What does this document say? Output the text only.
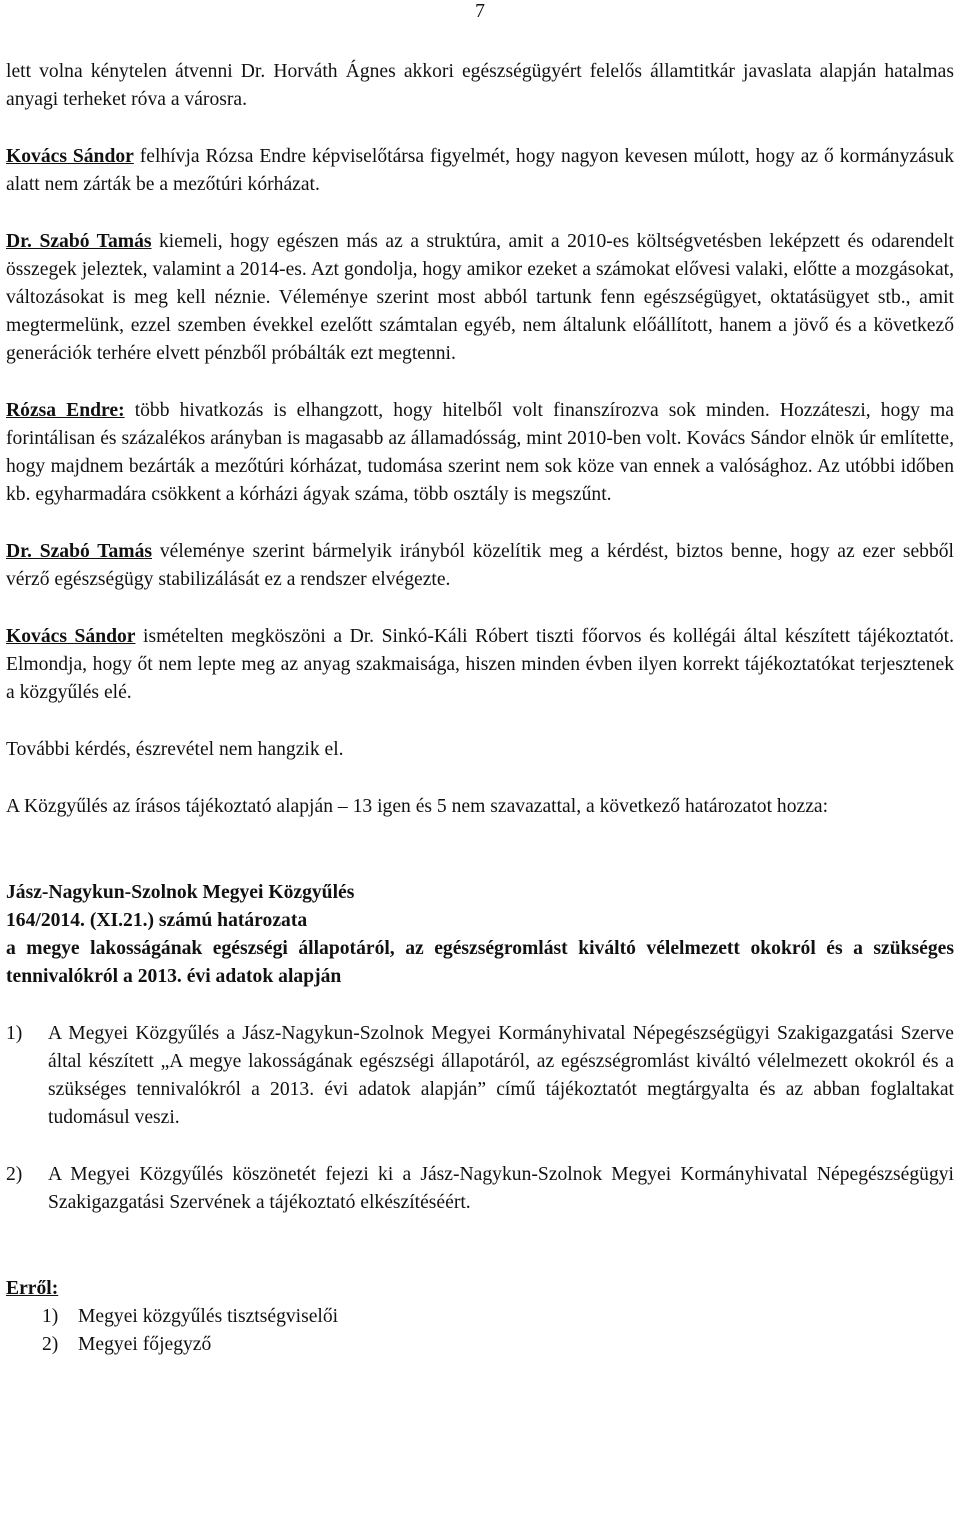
7

lett volna kénytelen átvenni Dr. Horváth Ágnes akkori egészségügyért felelős államtitkár javaslata alapján hatalmas anyagi terheket róva a városra.

Kovács Sándor felhívja Rózsa Endre képviselőtársa figyelmét, hogy nagyon kevesen múlott, hogy az ő kormányzásuk alatt nem zárták be a mezőtúri kórházat.

Dr. Szabó Tamás kiemeli, hogy egészen más az a struktúra, amit a 2010-es költségvetésben leképzett és odarendelt összegek jeleztek, valamint a 2014-es. Azt gondolja, hogy amikor ezeket a számokat elővesi valaki, előtte a mozgásokat, változásokat is meg kell néznie. Véleménye szerint most abból tartunk fenn egészségügyet, oktatásügyet stb., amit megtermelünk, ezzel szemben évekkel ezelőtt számtalan egyéb, nem általunk előállított, hanem a jövő és a következő generációk terhére elvett pénzből próbálták ezt megtenni.

Rózsa Endre: több hivatkozás is elhangzott, hogy hitelből volt finanszírozva sok minden. Hozzáteszi, hogy ma forintálisan és százalékos arányban is magasabb az államadósság, mint 2010-ben volt. Kovács Sándor elnök úr említette, hogy majdnem bezárták a mezőtúri kórházat, tudomása szerint nem sok köze van ennek a valósághoz. Az utóbbi időben kb. egyharmadára csökkent a kórházi ágyak száma, több osztály is megszűnt.

Dr. Szabó Tamás véleménye szerint bármelyik irányból közelítik meg a kérdést, biztos benne, hogy az ezer sebből vérző egészségügy stabilizálását ez a rendszer elvégezte.

Kovács Sándor ismételten megköszöni a Dr. Sinkó-Káli Róbert tiszti főorvos és kollégái által készített tájékoztatót. Elmondja, hogy őt nem lepte meg az anyag szakmaisága, hiszen minden évben ilyen korrekt tájékoztatókat terjesztenek a közgyűlés elé.

További kérdés, észrevétel nem hangzik el.

A Közgyűlés az írásos tájékoztató alapján – 13 igen és 5 nem szavazattal, a következő határozatot hozza:

Jász-Nagykun-Szolnok Megyei Közgyűlés

164/2014. (XI.21.) számú határozata

a megye lakosságának egészségi állapotáról, az egészségromlást kiváltó vélelmezett okokról és a szükséges tennivalókról a 2013. évi adatok alapján

1)	A Megyei Közgyűlés a Jász-Nagykun-Szolnok Megyei Kormányhivatal Népegészségügyi Szakigazgatási Szerve által készített „A megye lakosságának egészségi állapotáról, az egészségromlást kiváltó vélelmezett okokról és a szükséges tennivalókról a 2013. évi adatok alapján” című tájékoztatót megtárgyalta és az abban foglaltakat tudomásul veszi.
2)	A Megyei Közgyűlés köszönetét fejezi ki a Jász-Nagykun-Szolnok Megyei Kormányhivatal Népegészségügyi Szakigazgatási Szervének a tájékoztató elkészítéséért.

Erről:

1)	Megyei közgyűlés tisztségviselői
2)	Megyei főjegyző
